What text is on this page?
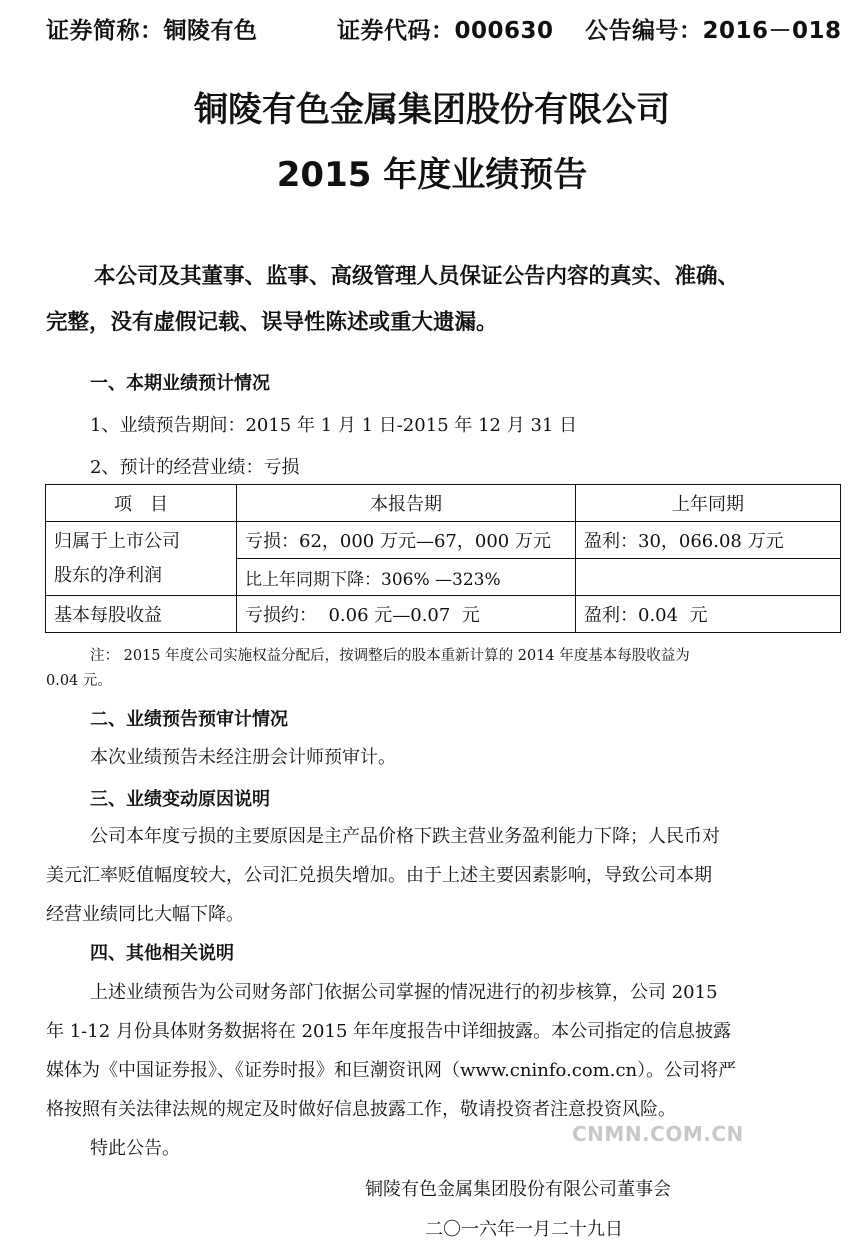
证券简称：铜陵有色	证券代码：000630 公告编号：2016－018
铜陵有色金属集团股份有限公司
2015 年度业绩预告
本公司及其董事、监事、高级管理人员保证公告内容的真实、准确、
完整，没有虚假记载、误导性陈述或重大遗漏。
一、本期业绩预计情况
1、业绩预告期间：2015 年 1 月 1 日-2015 年 12 月 31 日
2、预计的经营业绩：亏损
项　目	本报告期	上年同期

归属于上市公司
股东的净利润	亏损：62，000 万元—67，000 万元	盈利：30，066.08 万元
	比上年同期下降：306% —323%	
基本每股收益	亏损约：  0.06 元—0.07  元	盈利：0.04  元
注： 2015 年度公司实施权益分配后，按调整后的股本重新计算的 2014 年度基本每股收益为
0.04 元。
二、业绩预告预审计情况
本次业绩预告未经注册会计师预审计。
三、业绩变动原因说明
公司本年度亏损的主要原因是主产品价格下跌主营业务盈利能力下降；人民币对
美元汇率贬值幅度较大，公司汇兑损失增加。由于上述主要因素影响，导致公司本期
经营业绩同比大幅下降。
四、其他相关说明
上述业绩预告为公司财务部门依据公司掌握的情况进行的初步核算，公司 2015
年 1-12 月份具体财务数据将在 2015 年年度报告中详细披露。本公司指定的信息披露
媒体为《中国证券报》、《证券时报》和巨潮资讯网（www.cninfo.com.cn）。公司将严
格按照有关法律法规的规定及时做好信息披露工作，敬请投资者注意投资风险。
特此公告。
CNMN.COM.CN
铜陵有色金属集团股份有限公司董事会
二〇一六年一月二十九日
